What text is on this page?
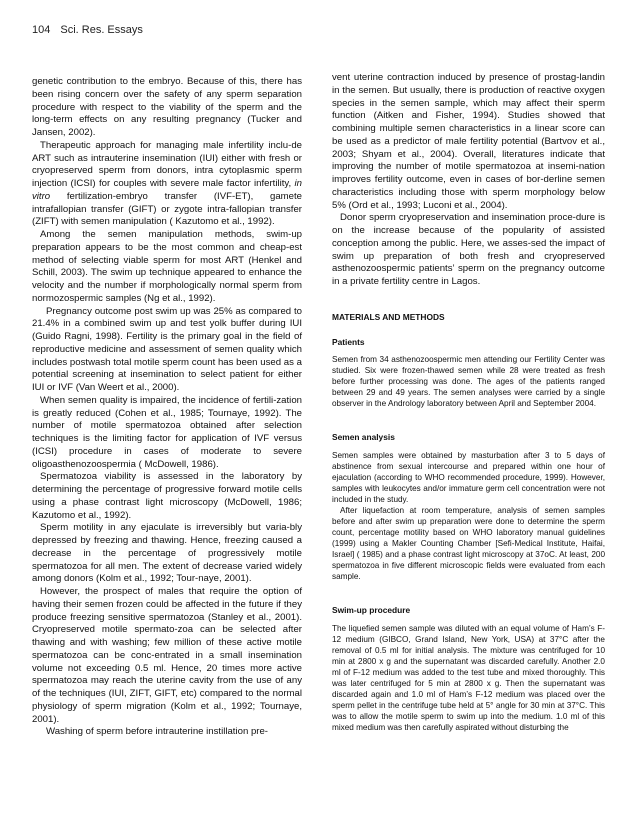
104 Sci. Res. Essays

genetic contribution to the embryo. Because of this, there has been rising concern over the safety of any sperm separation procedure with respect to the viability of the sperm and the long-term effects on any resulting pregnancy (Tucker and Jansen, 2002).

Therapeutic approach for managing male infertility inclu-de ART such as intrauterine insemination (IUI) either with fresh or cryopreserved sperm from donors, intra cytoplasmic sperm injection (ICSI) for couples with severe male factor infertility, in vitro fertilization-embryo transfer (IVF-ET), gamete intrafallopian transfer (GIFT) or zygote intra-fallopian transfer (ZIFT) with semen manipulation ( Kazutomo et al., 1992).

Among the semen manipulation methods, swim-up preparation appears to be the most common and cheap-est method of selecting viable sperm for most ART (Henkel and Schill, 2003). The swim up technique appeared to enhance the velocity and the number if morphologically normal sperm from normozospermic samples (Ng et al., 1992).

Pregnancy outcome post swim up was 25% as compared to 21.4% in a combined swim up and test yolk buffer during IUI (Guido Ragni, 1998). Fertility is the primary goal in the field of reproductive medicine and assessment of semen quality which includes postwash total motile sperm count has been used as a potential screening at insemination to select patient for either IUI or IVF (Van Weert et al., 2000).

When semen quality is impaired, the incidence of fertili-zation is greatly reduced (Cohen et al., 1985; Tournaye, 1992). The number of motile spermatozoa obtained after selection techniques is the limiting factor for application of IVF versus (ICSI) procedure in cases of moderate to severe oligoasthenozoospermia ( McDowell, 1986).

Spermatozoa viability is assessed in the laboratory by determining the percentage of progressive forward motile cells using a phase contrast light microscopy (McDowell, 1986; Kazutomo et al., 1992).

Sperm motility in any ejaculate is irreversibly but varia-bly depressed by freezing and thawing. Hence, freezing caused a decrease in the percentage of progressively motile spermatozoa for all men. The extent of decrease varied widely among donors (Kolm et al., 1992; Tour-naye, 2001).

However, the prospect of males that require the option of having their semen frozen could be affected in the future if they produce freezing sensitive spermatozoa (Stanley et al., 2001). Cryopreserved motile spermato-zoa can be selected after thawing and with washing; few million of these active motile spermatozoa can be conc-entrated in a small insemination volume not exceeding 0.5 ml. Hence, 20 times more active spermatozoa may reach the uterine cavity from the use of any of the techniques (IUI, ZIFT, GIFT, etc) compared to the normal physiology of sperm migration (Kolm et al., 1992; Tournaye, 2001).

Washing of sperm before intrauterine instillation pre-

vent uterine contraction induced by presence of prostag-landin in the semen. But usually, there is production of reactive oxygen species in the semen sample, which may affect their sperm function (Aitken and Fisher, 1994). Studies showed that combining multiple semen characteristics in a linear score can be used as a predictor of male fertility potential (Bartvov et al., 2003; Shyam et al., 2004). Overall, literatures indicate that improving the number of motile spermatozoa at insemi-nation improves fertility outcome, even in cases of bor-derline semen characteristics including those with sperm morphology below 5% (Ord et al., 1993; Luconi et al., 2004).

Donor sperm cryopreservation and insemination proce-dure is on the increase because of the popularity of assisted conception among the public. Here, we asses-sed the impact of swim up preparation of both fresh and cryopreserved asthenozoospermic patients’ sperm on the pregnancy outcome in a private fertility centre in Lagos.

MATERIALS AND METHODS

Patients

Semen from 34 asthenozoospermic men attending our Fertility Center was studied. Six were frozen-thawed semen while 28 were treated as fresh before further processing was done. The ages of the patients ranged between 29 and 49 years. The semen analyses were carried by a single observer in the Andrology laboratory between April and September 2004.

Semen analysis

Semen samples were obtained by masturbation after 3 to 5 days of abstinence from sexual intercourse and prepared within one hour of ejaculation (according to WHO recommended procedure, 1999). However, samples with leukocytes and/or immature germ cell concentration were not included in the study.

After liquefaction at room temperature, analysis of semen samples before and after swim up preparation were done to determine the sperm count, percentage motility based on WHO laboratory manual guidelines (1999) using a Makler Counting Chamber [Sefi-Medical Institute, Haifai, Israel] ( 1985) and a phase contrast light microscopy at 37oC. At least, 200 spermatozoa in five different microscopic fields were evaluated from each sample.

Swim-up procedure

The liquefied semen sample was diluted with an equal volume of Ham’s F-12 medium (GIBCO, Grand Island, New York, USA) at 37°C after the removal of 0.5 ml for initial analysis. The mixture was centrifuged for 10 min at 2800 x g and the supernatant was discarded carefully. Another 2.0 ml of F-12 medium was added to the test tube and mixed thoroughly. This was later centrifuged for 5 min at 2800 x g. Then the supernatant was discarded again and 1.0 ml of Ham’s F-12 medium was placed over the sperm pellet in the centrifuge tube held at 5° angle for 30 min at 37°C. This was to allow the motile sperm to swim up into the medium. 1.0 ml of this mixed medium was then carefully aspirated without disturbing the
